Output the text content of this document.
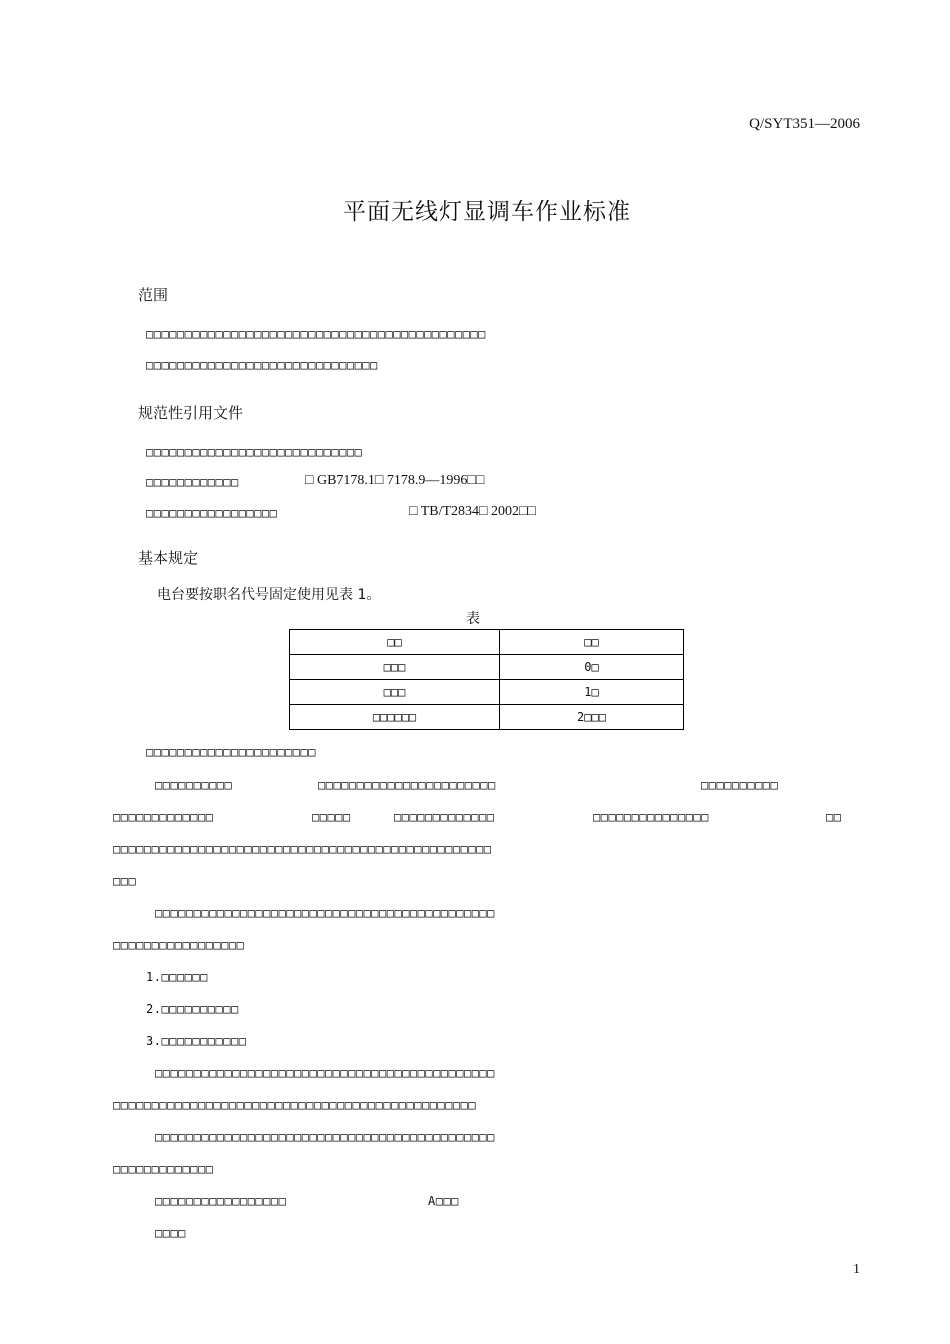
Q/SYT351—2006
平面无线灯显调车作业标准
范围
□□□□□□□□□□□□□□□□□□□□□□□□□□□□□□□□□□□□□□□□□□□□
□□□□□□□□□□□□□□□□□□□□□□□□□□□□□□
规范性引用文件
□□□□□□□□□□□□□□□□□□□□□□□□□□□□
□□□□□□□□□□□□	□ GB7178.1□ 7178.9—1996□□
□□□□□□□□□□□□□□□□□	□ TB/T2834□ 2002□□
基本规定
电台要按职名代号固定使用见表 1。
表
□□	□□
□□□	0□
□□□	1□
□□□□□□	2□□□
□□□□□□□□□□□□□□□□□□□□□□
□□□□□□□□□□	□□□□□□□□□□□□□□□□□□□□□□□	□□□□□□□□□□
□□□□□□□□□□□□□	□□□□□	□□□□□□□□□□□□□	□□□□□□□□□□□□□□□	□□
□□□□□□□□□□□□□□□□□□□□□□□□□□□□□□□□□□□□□□□□□□□□□□□□□
□□□
□□□□□□□□□□□□□□□□□□□□□□□□□□□□□□□□□□□□□□□□□□□□
□□□□□□□□□□□□□□□□□
1.□□□□□□
2.□□□□□□□□□□
3.□□□□□□□□□□□
□□□□□□□□□□□□□□□□□□□□□□□□□□□□□□□□□□□□□□□□□□□□
□□□□□□□□□□□□□□□□□□□□□□□□□□□□□□□□□□□□□□□□□□□□□□□
□□□□□□□□□□□□□□□□□□□□□□□□□□□□□□□□□□□□□□□□□□□□
□□□□□□□□□□□□□
□□□□□□□□□□□□□□□□□	A□□□
□□□□
1
